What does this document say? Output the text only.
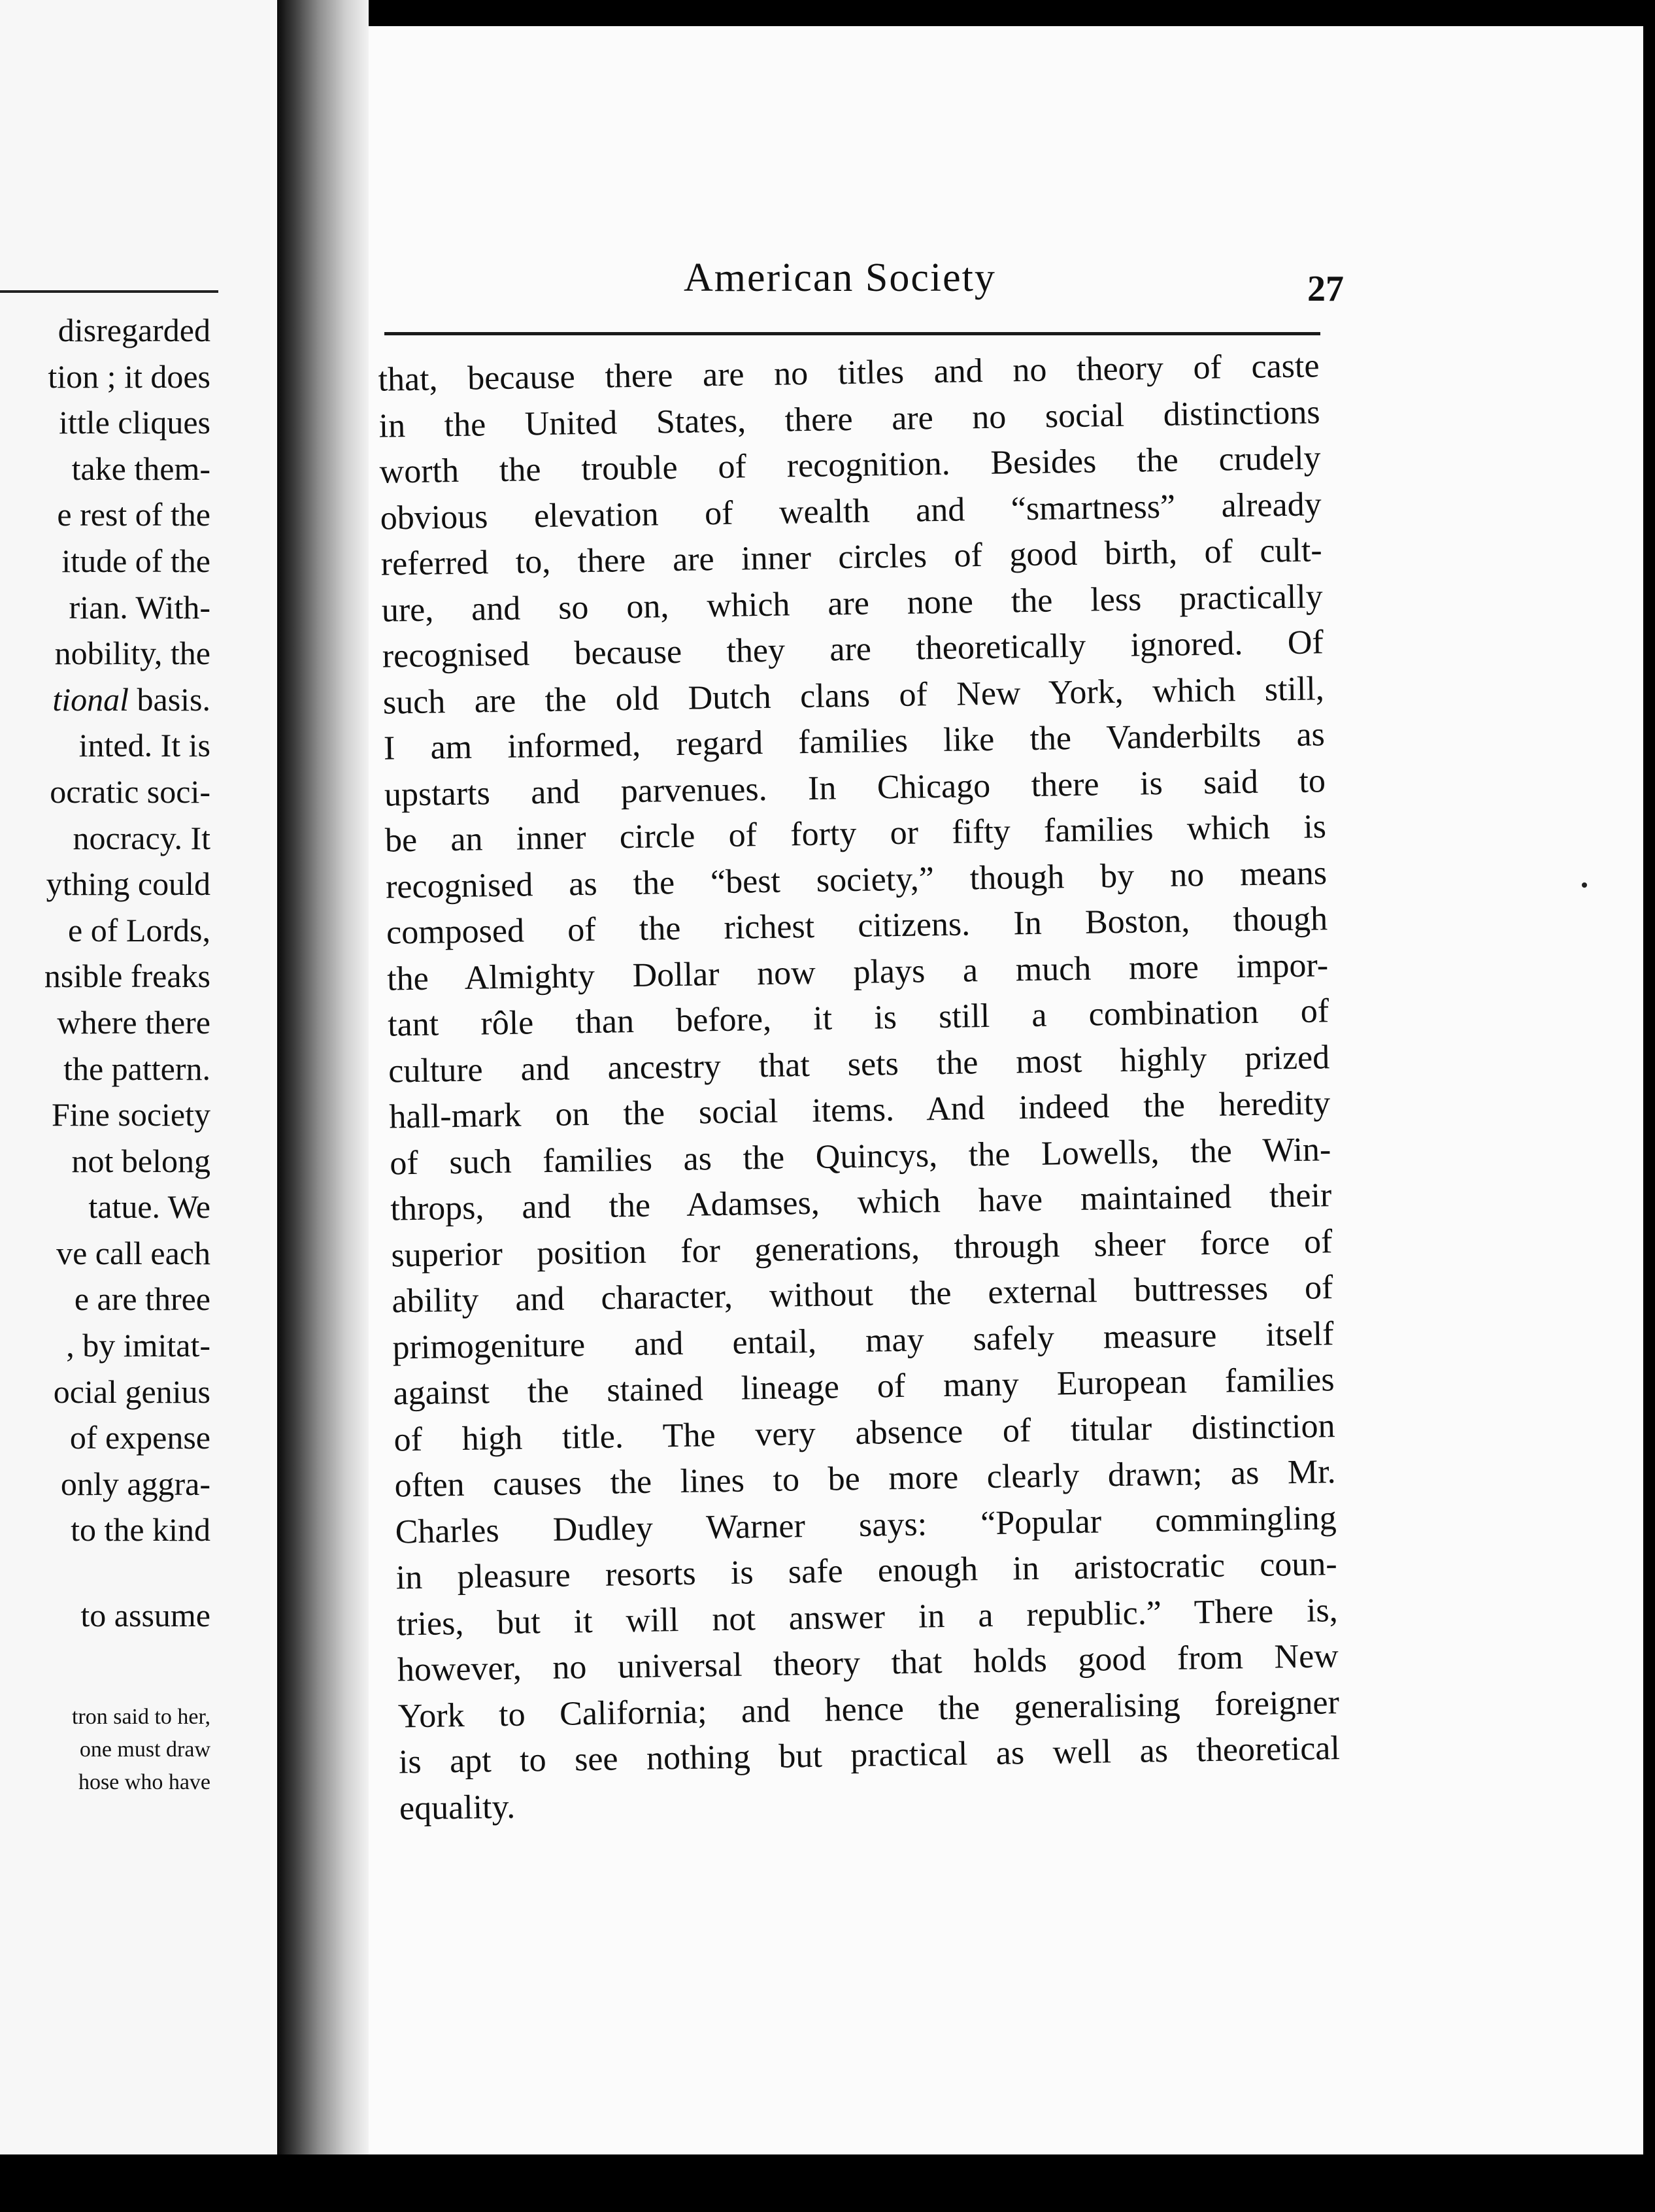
disregarded
tion ; it does
ittle cliques
take them-
e rest of the
itude of the
rian. With-
nobility, the
tional basis.
inted. It is
ocratic soci-
nocracy. It
ything could
e of Lords,
nsible freaks
where there
the pattern.
Fine society
not belong
tatue. We
ve call each
e are three
, by imitat-
ocial genius
of expense
only aggra-
to the kind
to assume
tron said to her,
one must draw
hose who have
American Society	27
that, because there are no titles and no theory of caste
in the United States, there are no social distinctions
worth the trouble of recognition. Besides the crudely
obvious elevation of wealth and “smartness” already
referred to, there are inner circles of good birth, of cult-
ure, and so on, which are none the less practically
recognised because they are theoretically ignored. Of
such are the old Dutch clans of New York, which still,
I am informed, regard families like the Vanderbilts as
upstarts and parvenues. In Chicago there is said to
be an inner circle of forty or fifty families which is
recognised as the “best society,” though by no means
composed of the richest citizens. In Boston, though
the Almighty Dollar now plays a much more impor-
tant rôle than before, it is still a combination of
culture and ancestry that sets the most highly prized
hall-mark on the social items. And indeed the heredity
of such families as the Quincys, the Lowells, the Win-
throps, and the Adamses, which have maintained their
superior position for generations, through sheer force of
ability and character, without the external buttresses of
primogeniture and entail, may safely measure itself
against the stained lineage of many European families
of high title. The very absence of titular distinction
often causes the lines to be more clearly drawn; as Mr.
Charles Dudley Warner says: “Popular commingling
in pleasure resorts is safe enough in aristocratic coun-
tries, but it will not answer in a republic.” There is,
however, no universal theory that holds good from New
York to California; and hence the generalising foreigner
is apt to see nothing but practical as well as theoretical
equality.
